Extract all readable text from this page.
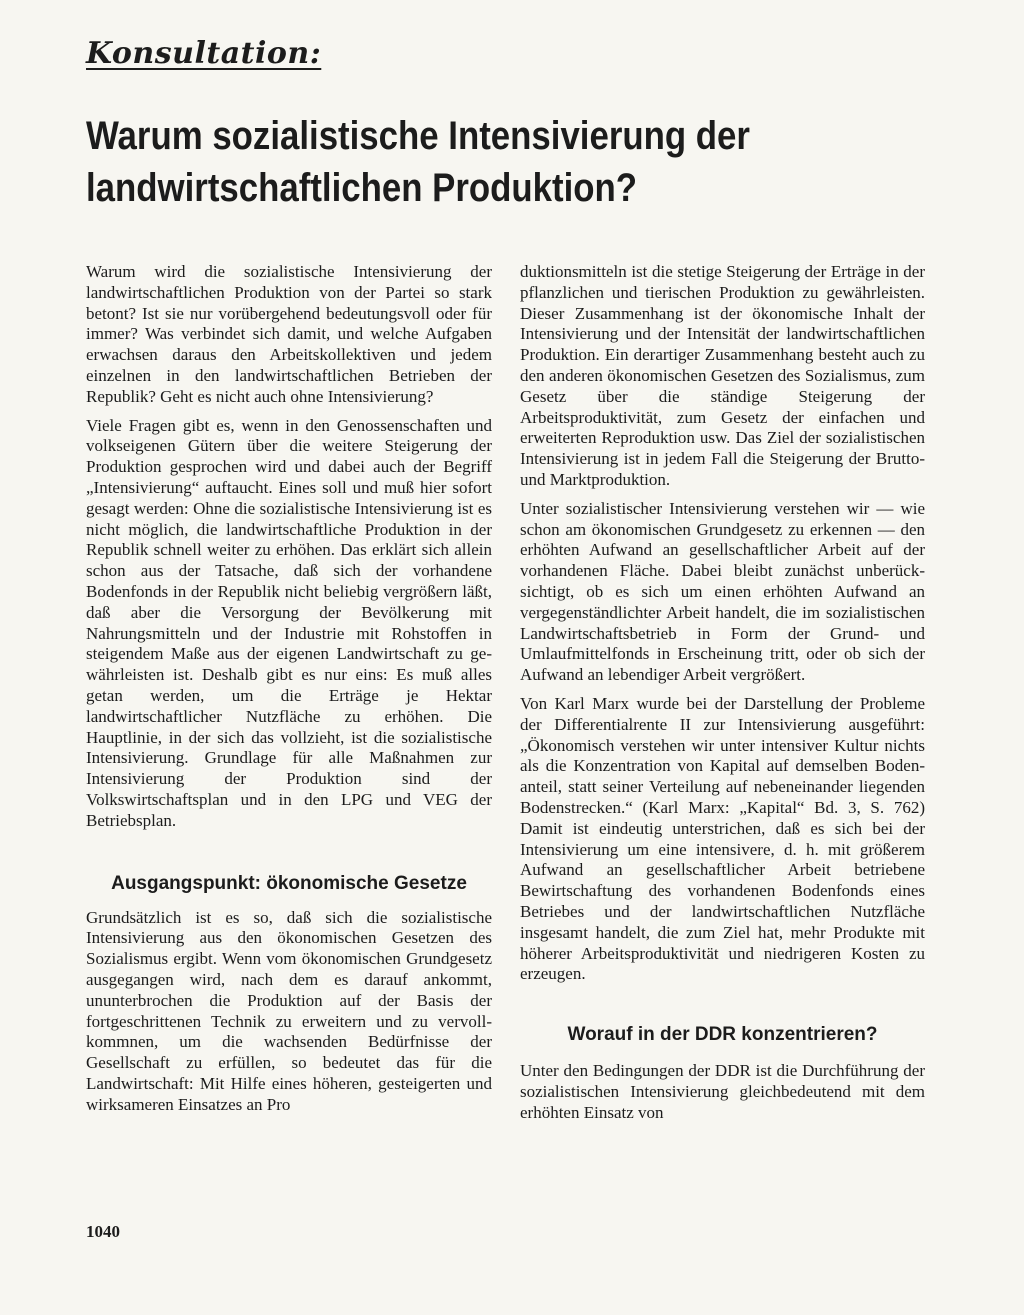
Konsultation:
Warum sozialistische Intensivierung der landwirtschaftlichen Produktion?

Warum wird die sozialistische Intensivierung der landwirtschaftlichen Produktion von der Partei so stark betont? Ist sie nur vorübergehend bedeutungsvoll oder für immer? Was verbindet sich damit, und welche Aufgaben erwachsen daraus den Arbeitskollektiven und jedem einzelnen in den landwirtschaftlichen Betrieben der Republik? Geht es nicht auch ohne Intensivierung?

Viele Fragen gibt es, wenn in den Genossenschaften und volkseigenen Gütern über die weitere Steigerung der Produktion gesprochen wird und dabei auch der Begriff „Intensivierung“ auftaucht. Eines soll und muß hier sofort gesagt werden: Ohne die sozialistische Intensivierung ist es nicht möglich, die landwirtschaftliche Produktion in der Republik schnell weiter zu erhöhen. Das erklärt sich allein schon aus der Tatsache, daß sich der vorhandene Bodenfonds in der Republik nicht beliebig vergrößern läßt, daß aber die Versorgung der Bevölkerung mit Nahrungsmitteln und der Industrie mit Rohstoffen in steigendem Maße aus der eigenen Landwirtschaft zu gewährleisten ist. Deshalb gibt es nur eins: Es muß alles getan werden, um die Erträge je Hektar landwirtschaftlicher Nutzfläche zu erhöhen. Die Hauptlinie, in der sich das vollzieht, ist die sozialistische Intensivierung. Grundlage für alle Maßnahmen zur Intensivierung der Produktion sind der Volkswirtschaftsplan und in den LPG und VEG der Betriebsplan.

Ausgangspunkt: ökonomische Gesetze

Grundsätzlich ist es so, daß sich die sozialistische Intensivierung aus den ökonomischen Gesetzen des Sozialismus ergibt. Wenn vom ökonomischen Grundgesetz ausgegangen wird, nach dem es darauf ankommt, ununterbrochen die Produktion auf der Basis der fortgeschrittenen Technik zu erweitern und zu vervollkommnen, um die wachsenden Bedürfnisse der Gesellschaft zu erfüllen, so bedeutet das für die Landwirtschaft: Mit Hilfe eines höheren, gesteigerten und wirksameren Einsatzes an Pro

duktionsmitteln ist die stetige Steigerung der Erträge in der pflanzlichen und tierischen Produktion zu gewährleisten. Dieser Zusammenhang ist der ökonomische Inhalt der Intensivierung und der Intensität der landwirtschaftlichen Produktion. Ein derartiger Zusammenhang besteht auch zu den anderen ökonomischen Gesetzen des Sozialismus, zum Gesetz über die ständige Steigerung der Arbeitsproduktivität, zum Gesetz der einfachen und erweiterten Reproduktion usw. Das Ziel der sozialistischen Intensivierung ist in jedem Fall die Steigerung der Brutto- und Marktproduktion.

Unter sozialistischer Intensivierung verstehen wir — wie schon am ökonomischen Grundgesetz zu erkennen — den erhöhten Aufwand an gesellschaftlicher Arbeit auf der vorhandenen Fläche. Dabei bleibt zunächst unberücksichtigt, ob es sich um einen erhöhten Aufwand an vergegenständlichter Arbeit handelt, die im sozialistischen Landwirtschaftsbetrieb in Form der Grund- und Umlaufmittelfonds in Erscheinung tritt, oder ob sich der Aufwand an lebendiger Arbeit vergrößert.

Von Karl Marx wurde bei der Darstellung der Probleme der Differentialrente II zur Intensivierung ausgeführt: „Ökonomisch verstehen wir unter intensiver Kultur nichts als die Konzentration von Kapital auf demselben Bodenanteil, statt seiner Verteilung auf nebeneinander liegenden Bodenstrecken.“ (Karl Marx: „Kapital“ Bd. 3, S. 762) Damit ist eindeutig unterstrichen, daß es sich bei der Intensivierung um eine intensivere, d. h. mit größerem Aufwand an gesellschaftlicher Arbeit betriebene Bewirtschaftung des vorhandenen Bodenfonds eines Betriebes und der landwirtschaftlichen Nutzfläche insgesamt handelt, die zum Ziel hat, mehr Produkte mit höherer Arbeitsproduktivität und niedrigeren Kosten zu erzeugen.

Worauf in der DDR konzentrieren?

Unter den Bedingungen der DDR ist die Durchführung der sozialistischen Intensivierung gleichbedeutend mit dem erhöhten Einsatz von

1040
